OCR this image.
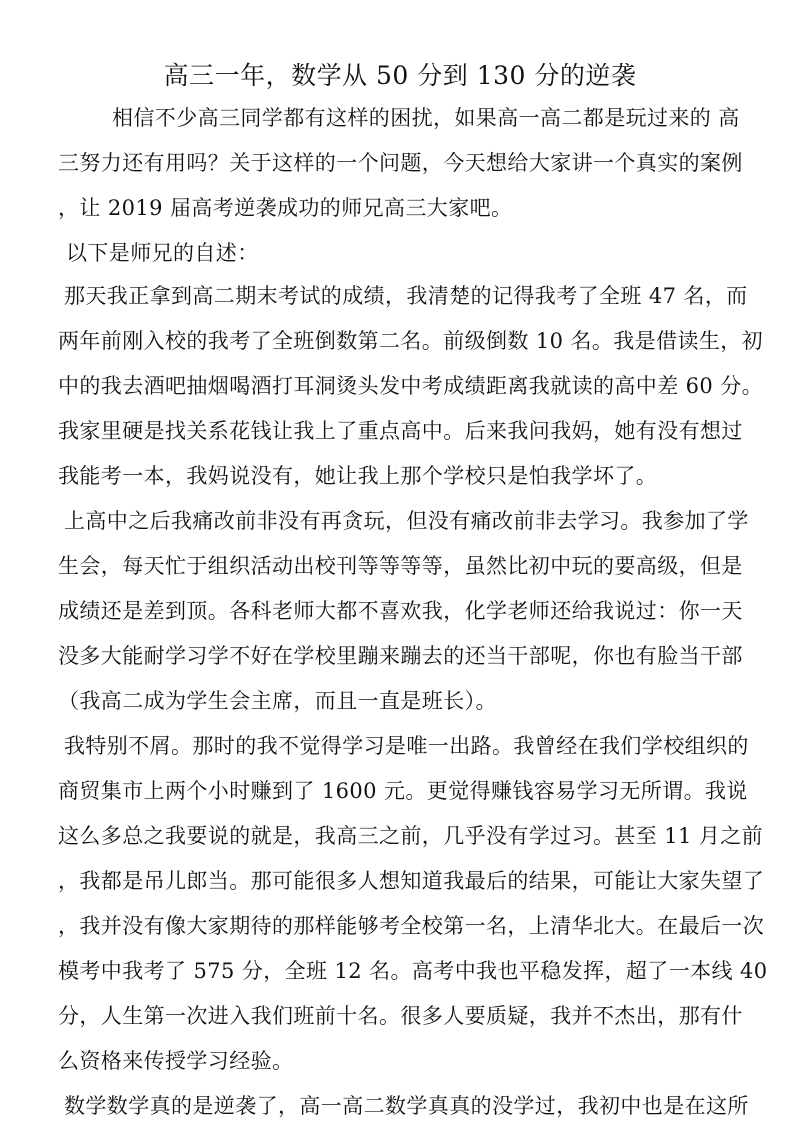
高三一年，数学从 50 分到 130 分的逆袭
相信不少高三同学都有这样的困扰，如果高一高二都是玩过来的 高
三努力还有用吗？关于这样的一个问题，今天想给大家讲一个真实的案例
，让 2019 届高考逆袭成功的师兄高三大家吧。
以下是师兄的自述：
那天我正拿到高二期末考试的成绩，我清楚的记得我考了全班 47 名，而
两年前刚入校的我考了全班倒数第二名。前级倒数 10 名。我是借读生，初
中的我去酒吧抽烟喝酒打耳洞烫头发中考成绩距离我就读的高中差 60 分。
我家里硬是找关系花钱让我上了重点高中。后来我问我妈，她有没有想过
我能考一本，我妈说没有，她让我上那个学校只是怕我学坏了。
上高中之后我痛改前非没有再贪玩，但没有痛改前非去学习。我参加了学
生会，每天忙于组织活动出校刊等等等等，虽然比初中玩的要高级，但是
成绩还是差到顶。各科老师大都不喜欢我，化学老师还给我说过：你一天
没多大能耐学习学不好在学校里蹦来蹦去的还当干部呢，你也有脸当干部
（我高二成为学生会主席，而且一直是班长）。
我特别不屑。那时的我不觉得学习是唯一出路。我曾经在我们学校组织的
商贸集市上两个小时赚到了 1600 元。更觉得赚钱容易学习无所谓。我说
这么多总之我要说的就是，我高三之前，几乎没有学过习。甚至 11 月之前
，我都是吊儿郎当。那可能很多人想知道我最后的结果，可能让大家失望了
，我并没有像大家期待的那样能够考全校第一名，上清华北大。在最后一次
模考中我考了 575 分，全班 12 名。高考中我也平稳发挥，超了一本线 40
分，人生第一次进入我们班前十名。很多人要质疑，我并不杰出，那有什
么资格来传授学习经验。
数学数学真的是逆袭了，高一高二数学真真的没学过，我初中也是在这所
